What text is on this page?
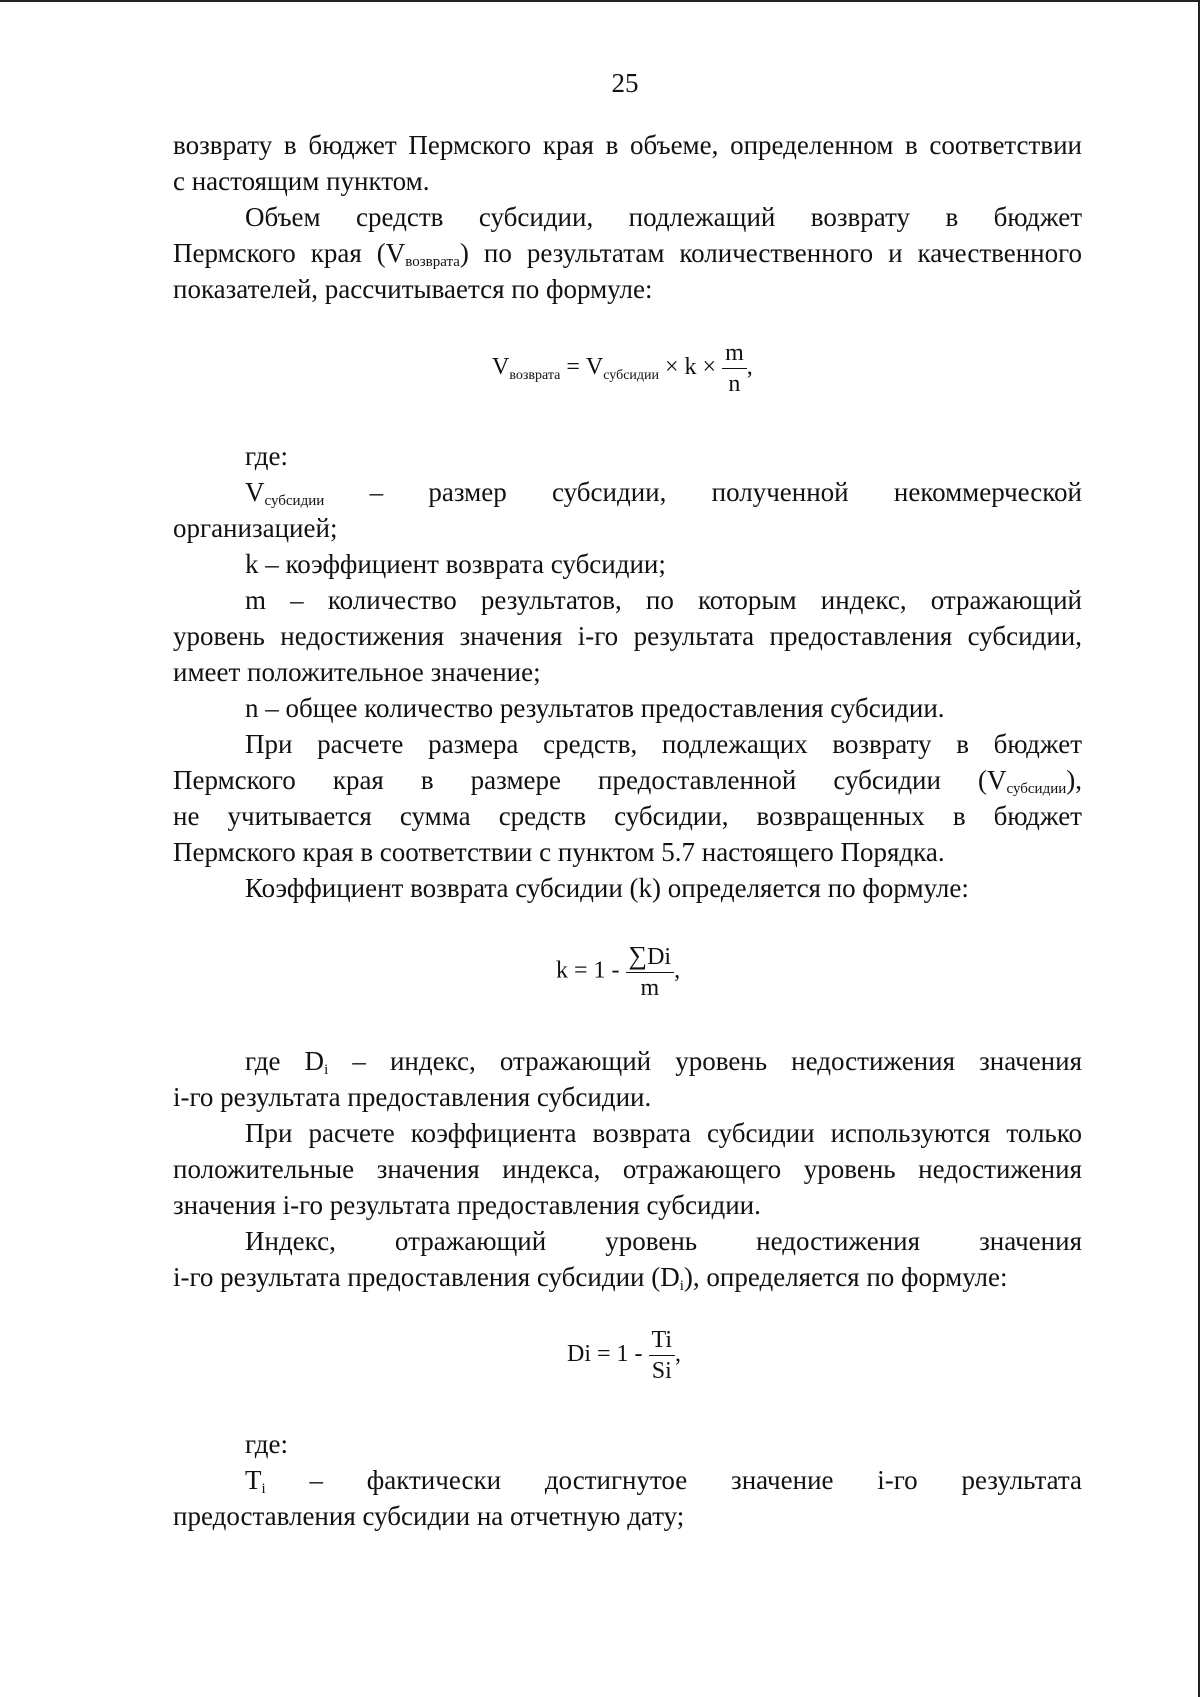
25

возврату в бюджет Пермского края в объеме, определенном в соответствии

с настоящим пунктом.

Объем средств субсидии, подлежащий возврату в бюджет

Пермского края $(V_{возврата})$ по результатам количественного и качественного

показателей, рассчитывается по формуле:

$V_{возврата} = V_{субсидии} \times k \times \frac{m}{n}$ ,

где:

$V_{субсидии}$ – размер субсидии, полученной некоммерческой

организацией;

k – коэффициент возврата субсидии;

m – количество результатов, по которым индекс, отражающий

уровень недостижения значения i-го результата предоставления субсидии,

имеет положительное значение;

n – общее количество результатов предоставления субсидии.

При расчете размера средств, подлежащих возврату в бюджет

Пермского края в размере предоставленной субсидии $(V_{субсидии})$,

не учитывается сумма средств субсидии, возвращенных в бюджет

Пермского края в соответствии с пунктом 5.7 настоящего Порядка.

Коэффициент возврата субсидии (k) определяется по формуле:

$k = 1 - \frac{\sum Di}{m}$ ,

где $D_i$ – индекс, отражающий уровень недостижения значения

i-го результата предоставления субсидии.

При расчете коэффициента возврата субсидии используются только

положительные значения индекса, отражающего уровень недостижения

значения i-го результата предоставления субсидии.

Индекс, отражающий уровень недостижения значения

i-го результата предоставления субсидии $(D_i)$, определяется по формуле:

$Di = 1 - \frac{Ti}{Si}$ ,

где:

$T_i$ – фактически достигнутое значение i-го результата

предоставления субсидии на отчетную дату;
